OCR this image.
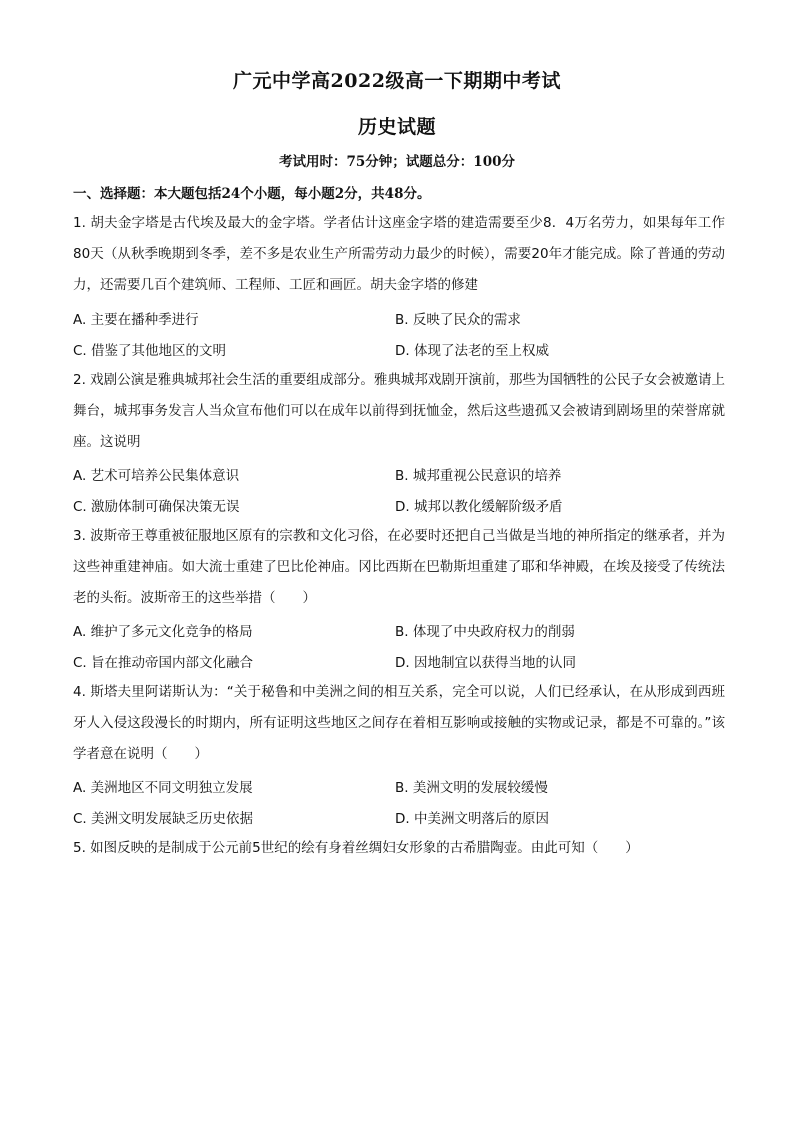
广元中学高2022级高一下期期中考试
历史试题
考试用时：75分钟；试题总分：100分
一、选择题：本大题包括24个小题，每小题2分，共48分。
1. 胡夫金字塔是古代埃及最大的金字塔。学者估计这座金字塔的建造需要至少8．4万名劳力，如果每年工作80天（从秋季晚期到冬季，差不多是农业生产所需劳动力最少的时候），需要20年才能完成。除了普通的劳动力，还需要几百个建筑师、工程师、工匠和画匠。胡夫金字塔的修建
A. 主要在播种季进行	B. 反映了民众的需求
C. 借鉴了其他地区的文明	D. 体现了法老的至上权威
2. 戏剧公演是雅典城邦社会生活的重要组成部分。雅典城邦戏剧开演前，那些为国牺牲的公民子女会被邀请上舞台，城邦事务发言人当众宣布他们可以在成年以前得到抚恤金，然后这些遗孤又会被请到剧场里的荣誉席就座。这说明
A. 艺术可培养公民集体意识	B. 城邦重视公民意识的培养
C. 激励体制可确保决策无误	D. 城邦以教化缓解阶级矛盾
3. 波斯帝王尊重被征服地区原有的宗教和文化习俗，在必要时还把自己当做是当地的神所指定的继承者，并为这些神重建神庙。如大流士重建了巴比伦神庙。冈比西斯在巴勒斯坦重建了耶和华神殿，在埃及接受了传统法老的头衔。波斯帝王的这些举措（　　）
A. 维护了多元文化竞争的格局	B. 体现了中央政府权力的削弱
C. 旨在推动帝国内部文化融合	D. 因地制宜以获得当地的认同
4. 斯塔夫里阿诺斯认为：“关于秘鲁和中美洲之间的相互关系，完全可以说，人们已经承认，在从形成到西班牙人入侵这段漫长的时期内，所有证明这些地区之间存在着相互影响或接触的实物或记录，都是不可靠的。”该学者意在说明（　　）
A. 美洲地区不同文明独立发展	B. 美洲文明的发展较缓慢
C. 美洲文明发展缺乏历史依据	D. 中美洲文明落后的原因
5. 如图反映的是制成于公元前5世纪的绘有身着丝绸妇女形象的古希腊陶壶。由此可知（　　）
